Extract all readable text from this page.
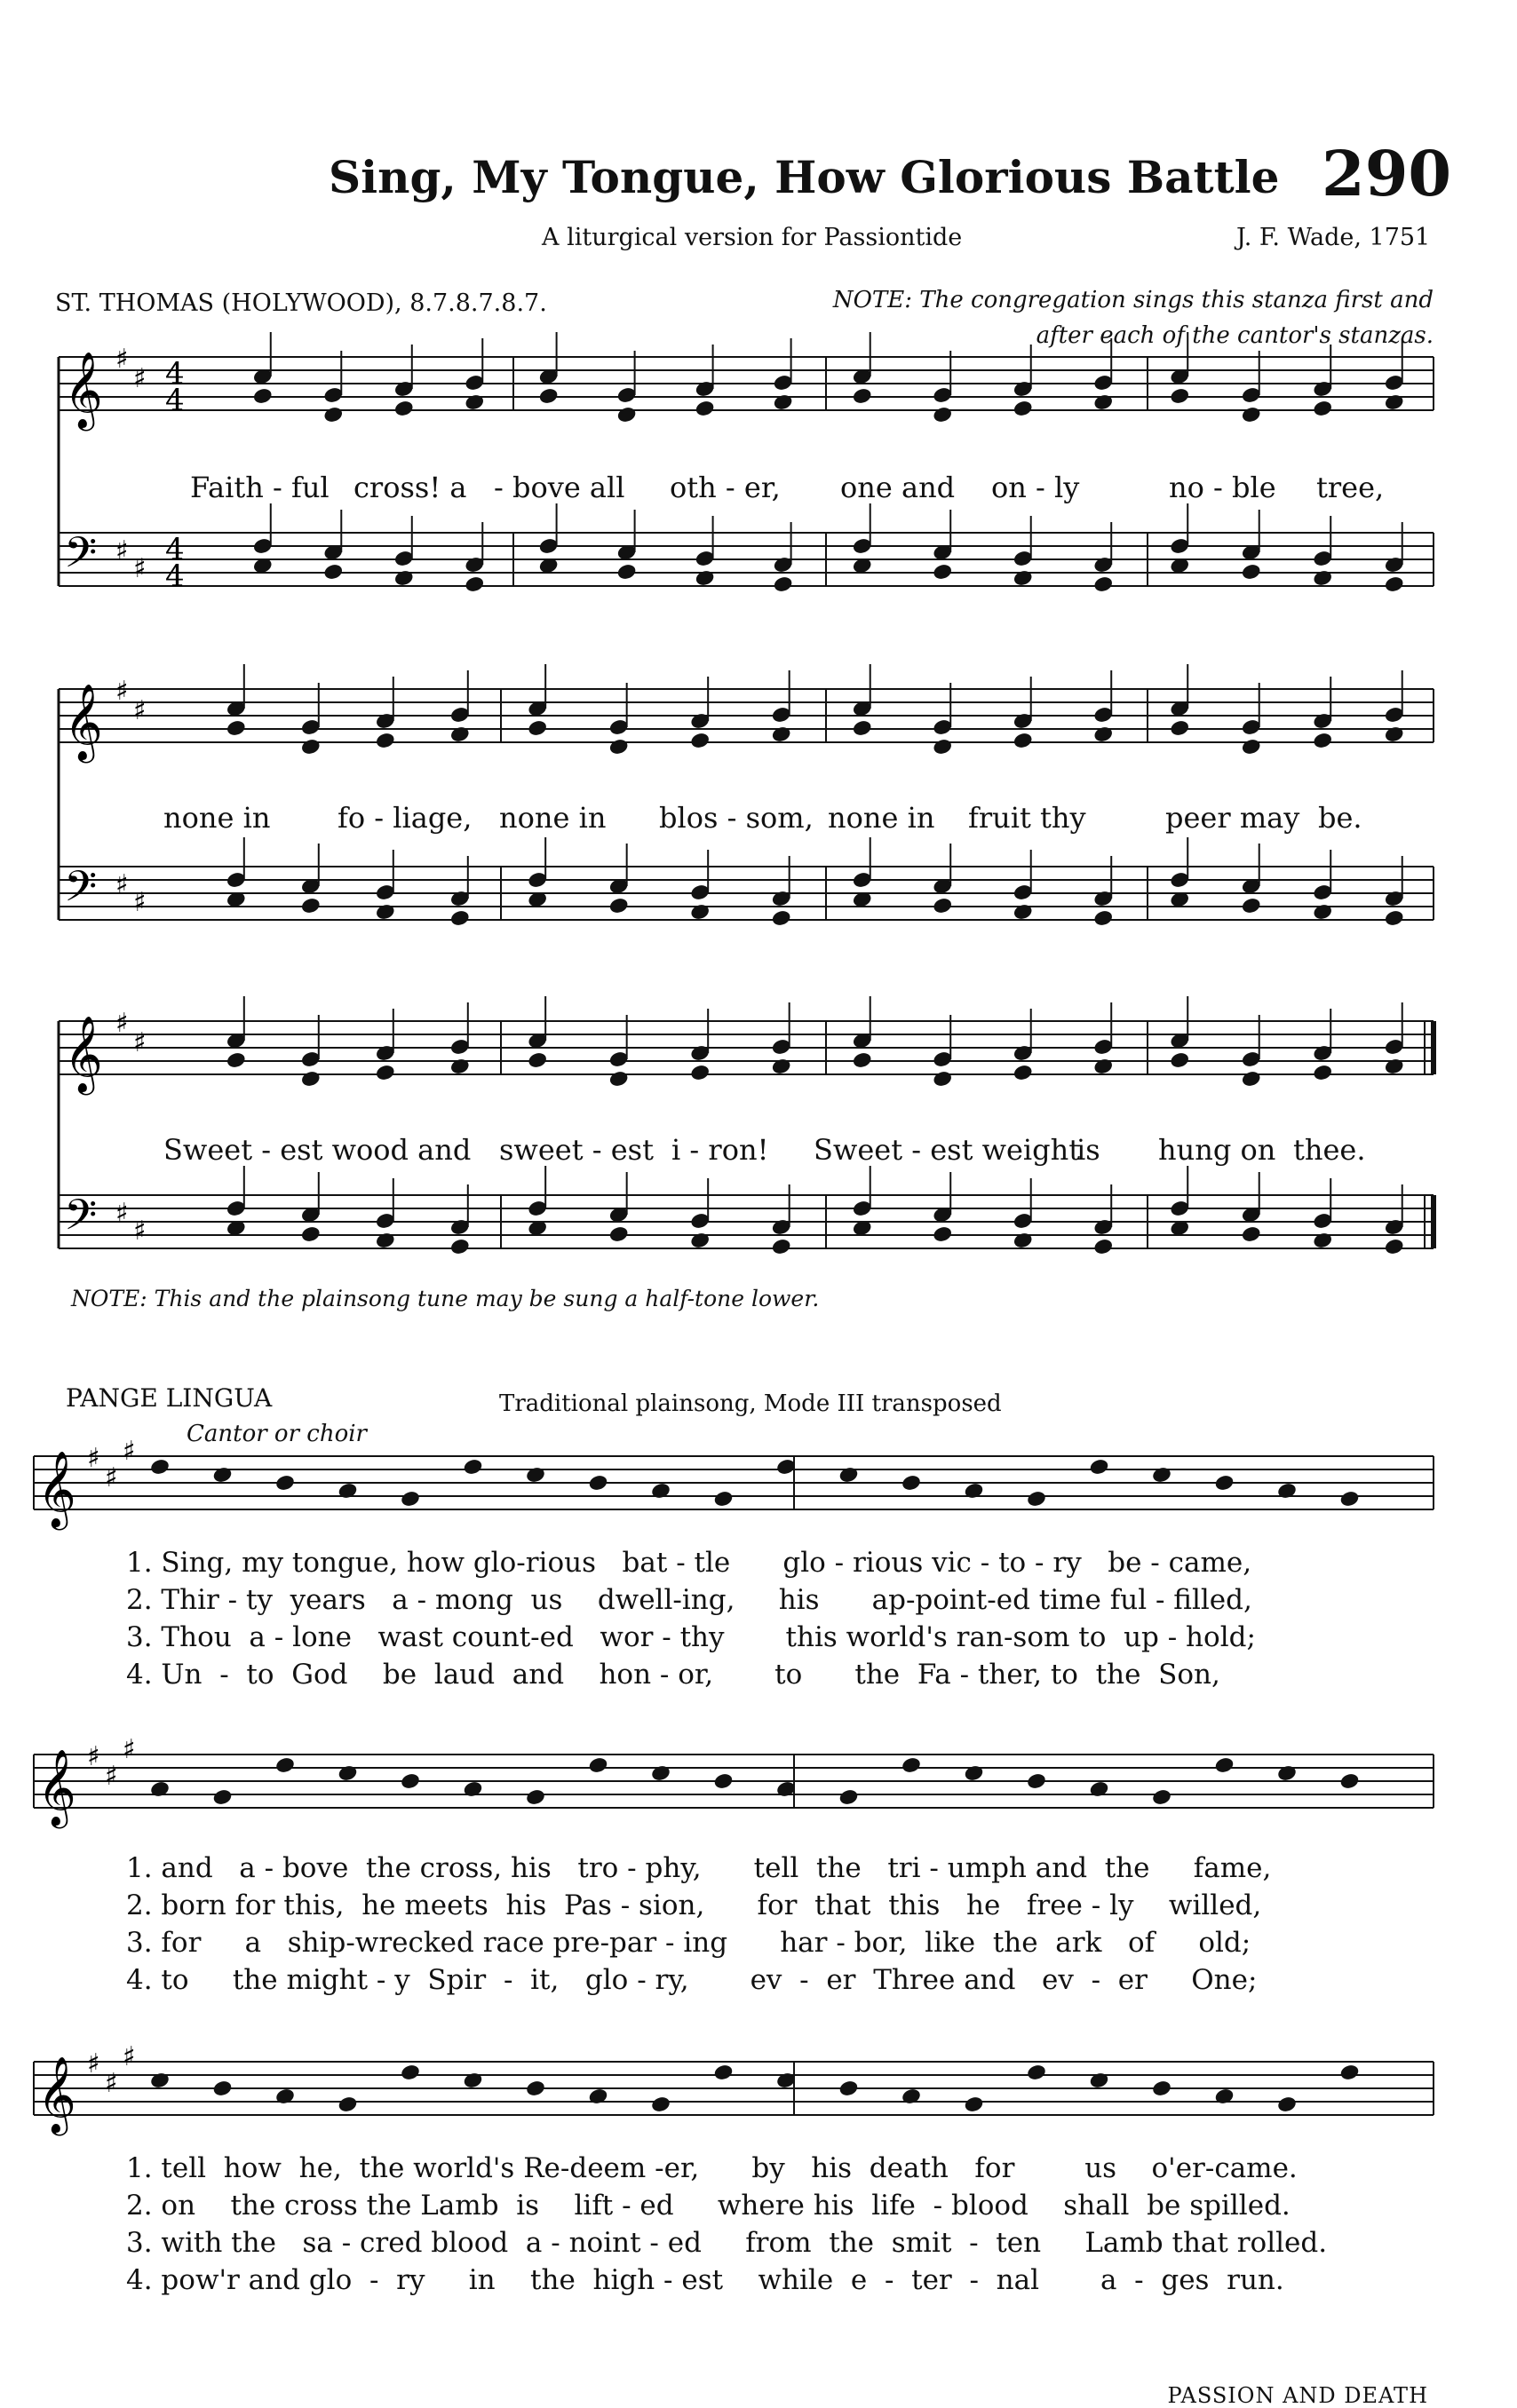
Sing, My Tongue, How Glorious Battle 290
A liturgical version for Passiontide	J. F. Wade, 1751
ST. THOMAS (HOLYWOOD), 8.7.8.7.8.7.	NOTE: The congregation sings this stanza first and
after each of the cantor's stanzas.
𝄞
𝄢
♯
♯
♯
♯
4
4
4
4
𝄞
𝄢
♯
♯
♯
♯
𝄞
𝄢
♯
♯
♯
♯
𝄞 ♯
♯
♯
𝄞 ♯
♯
♯
𝄞 ♯
♯
♯
Faith - ful cross! a - bove all oth - er, one and on - ly	no - ble tree,
none in fo - liage, none in blos - som, none in fruit thy	peer may be.
Sweet - est wood and sweet - est i - ron! Sweet - est weight
is hung on thee.
NOTE: This and the plainsong tune may be sung a half-tone lower.
PANGE LINGUA	Traditional plainsong, Mode III transposed
Cantor or choir
1. Sing, my tongue, how glo-rious   bat - tle      glo - rious vic - to - ry   be - came,
2. Thir - ty  years   a - mong  us    dwell-ing,     his      ap-point-ed time ful - filled,
3. Thou  a - lone   wast count-ed   wor - thy       this world's ran-som to  up - hold;
4. Un  -  to  God    be  laud  and    hon - or,       to      the  Fa - ther, to  the  Son,
1. and   a - bove  the cross, his   tro - phy,      tell  the   tri - umph and  the     fame,
2. born for this,  he meets  his  Pas - sion,      for  that  this   he   free - ly    willed,
3. for     a   ship-wrecked race pre-par - ing      har - bor,  like  the  ark   of     old;
4. to     the might - y  Spir  -  it,   glo - ry,       ev  -  er  Three and   ev  -  er     One;
1. tell  how  he,  the world's Re-deem -er,      by   his  death   for        us    o'er-came.
2. on    the cross the Lamb  is    lift - ed     where his  life  - blood    shall  be spilled.
3. with the   sa - cred blood  a - noint - ed     from  the  smit  -  ten     Lamb that rolled.
4. pow'r and glo  -  ry     in    the  high - est    while  e  -  ter  -  nal       a  -  ges  run.
PASSION AND DEATH
